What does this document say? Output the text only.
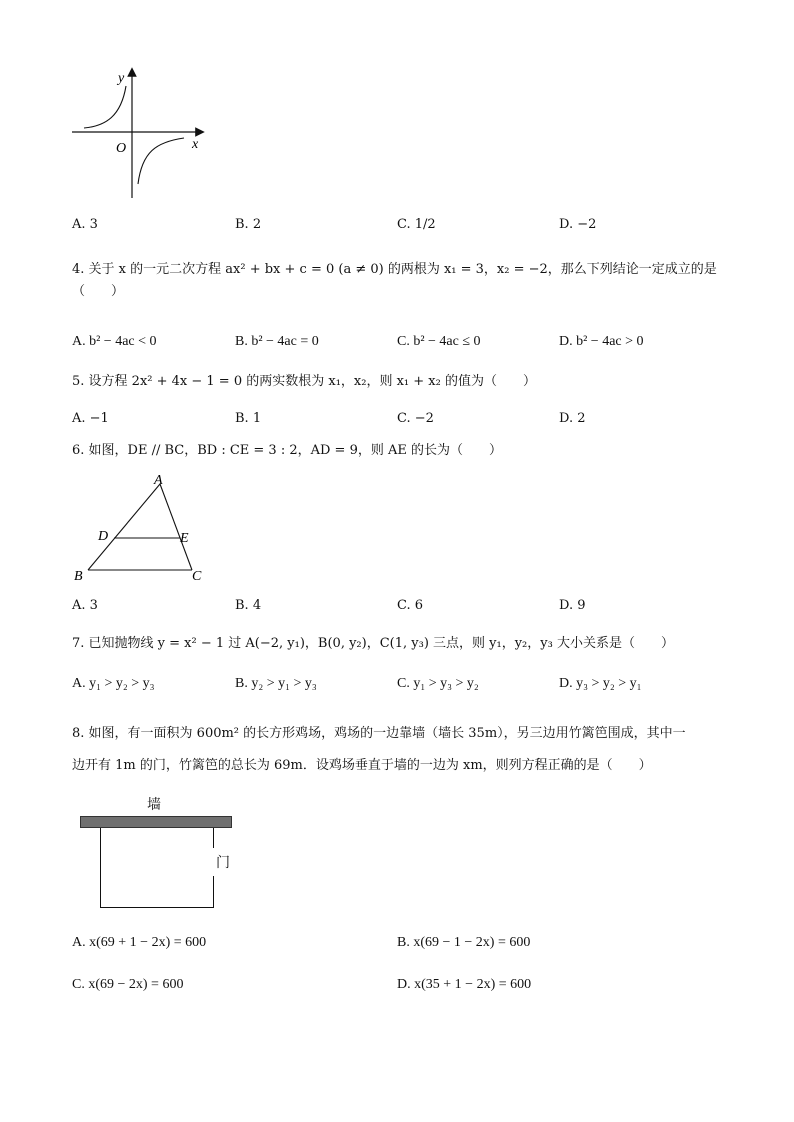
y
x
O
A. 3	B. 2	C. 1/2	D. −2
4. 关于 x 的一元二次方程 ax² + bx + c = 0 (a ≠ 0) 的两根为 x₁ = 3，x₂ = −2，那么下列结论一定成立的是
（　　）
A. b² − 4ac < 0	B. b² − 4ac = 0	C. b² − 4ac ≤ 0	D. b² − 4ac > 0
5. 设方程 2x² + 4x − 1 = 0 的两实数根为 x₁，x₂，则 x₁ + x₂ 的值为（　　）
A. −1	B. 1	C. −2	D. 2
6. 如图，DE // BC，BD : CE = 3 : 2，AD = 9，则 AE 的长为（　　）
A
D	E
B	C
A. 3	B. 4	C. 6	D. 9
7. 已知抛物线 y = x² − 1 过 A(−2, y₁)，B(0, y₂)，C(1, y₃) 三点，则 y₁，y₂，y₃ 大小关系是（　　）
A. y₁ > y₂ > y₃	B. y₂ > y₁ > y₃	C. y₁ > y₃ > y₂	D. y₃ > y₂ > y₁
8. 如图，有一面积为 600m² 的长方形鸡场，鸡场的一边靠墙（墙长 35m），另三边用竹篱笆围成，其中一
边开有 1m 的门，竹篱笆的总长为 69m．设鸡场垂直于墙的一边为 xm，则列方程正确的是（　　）
墙
门
A. x(69 + 1 − 2x) = 600	B. x(69 − 1 − 2x) = 600
C. x(69 − 2x) = 600	D. x(35 + 1 − 2x) = 600
